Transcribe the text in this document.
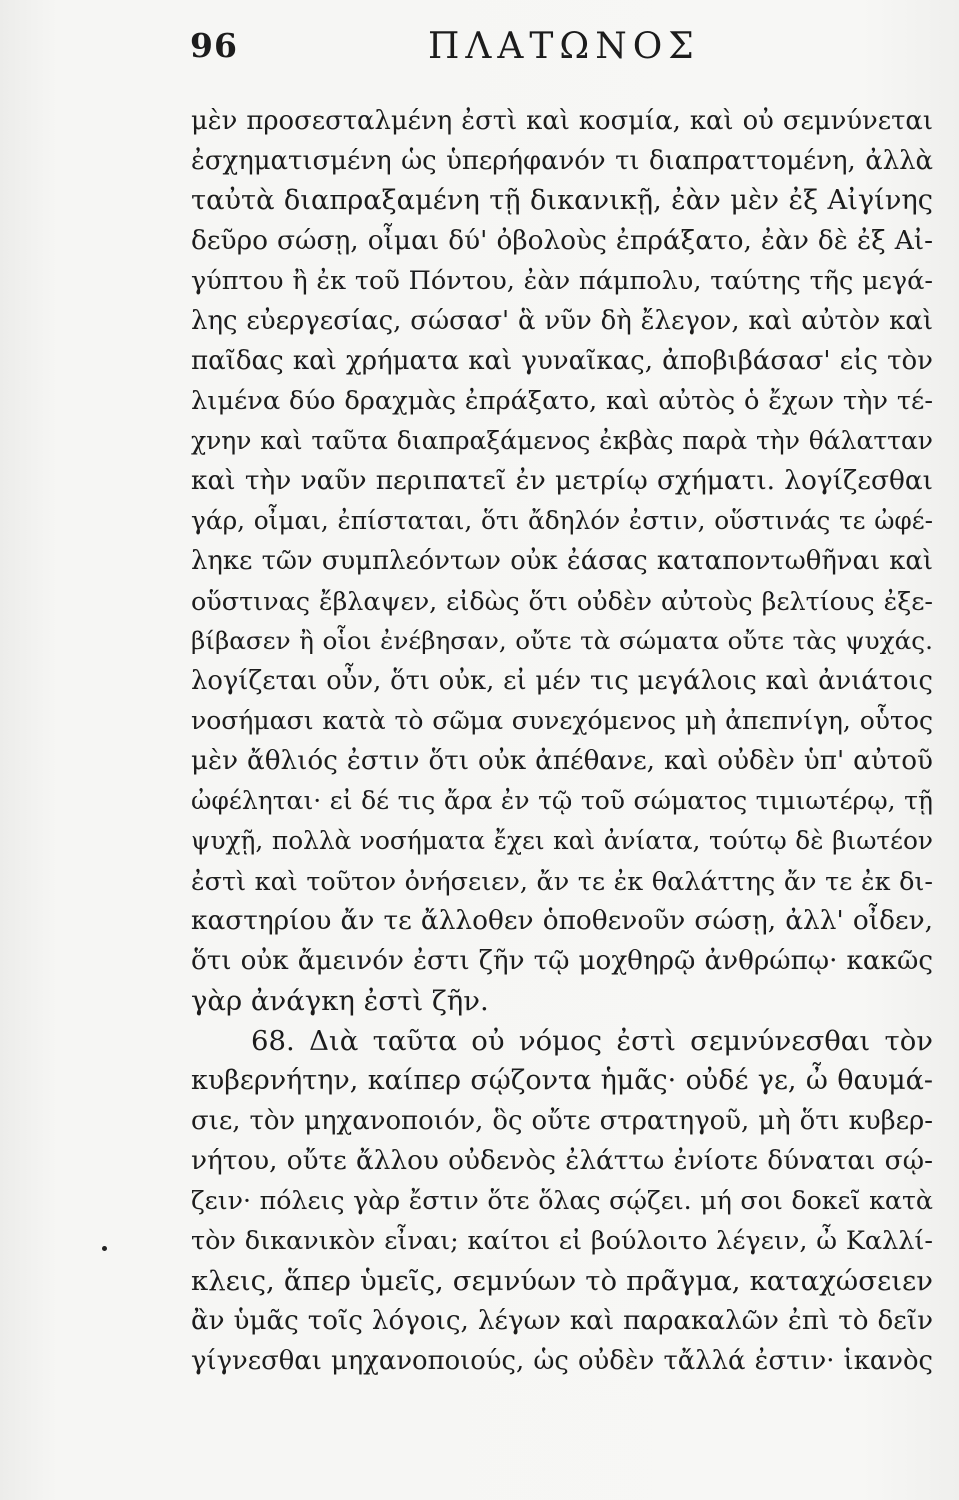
96	ΠΛΑΤΩΝΟΣ
μὲν προσεσταλμένη ἐστὶ καὶ κοσμία, καὶ οὐ σεμνύνεται
ἐσχηματισμένη ὡς ὑπερήφανόν τι διαπραττομένη, ἀλλὰ
ταὐτὰ διαπραξαμένη τῇ δικανικῇ, ἐὰν μὲν ἐξ Αἰγίνης
δεῦρο σώσῃ, οἶμαι δύ' ὀβολοὺς ἐπράξατο, ἐὰν δὲ ἐξ Αἰ-
γύπτου ἢ ἐκ τοῦ Πόντου, ἐὰν πάμπολυ, ταύτης τῆς μεγά-
λης εὐεργεσίας, σώσασ' ἃ νῦν δὴ ἔλεγον, καὶ αὐτὸν καὶ
παῖδας καὶ χρήματα καὶ γυναῖκας, ἀποβιβάσασ' εἰς τὸν
λιμένα δύο δραχμὰς ἐπράξατο, καὶ αὐτὸς ὁ ἔχων τὴν τέ-
χνην καὶ ταῦτα διαπραξάμενος ἐκβὰς παρὰ τὴν θάλατταν
καὶ τὴν ναῦν περιπατεῖ ἐν μετρίῳ σχήματι. λογίζεσθαι
γάρ, οἶμαι, ἐπίσταται, ὅτι ἄδηλόν ἐστιν, οὕστινάς τε ὠφέ-
ληκε τῶν συμπλεόντων οὐκ ἐάσας καταποντωθῆναι καὶ
οὕστινας ἔβλαψεν, εἰδὼς ὅτι οὐδὲν αὐτοὺς βελτίους ἐξε-
βίβασεν ἢ οἷοι ἐνέβησαν, οὔτε τὰ σώματα οὔτε τὰς ψυχάς.
λογίζεται οὖν, ὅτι οὐκ, εἰ μέν τις μεγάλοις καὶ ἀνιάτοις
νοσήμασι κατὰ τὸ σῶμα συνεχόμενος μὴ ἀπεπνίγη, οὗτος
μὲν ἄθλιός ἐστιν ὅτι οὐκ ἀπέθανε, καὶ οὐδὲν ὑπ' αὐτοῦ
ὠφέληται· εἰ δέ τις ἄρα ἐν τῷ τοῦ σώματος τιμιωτέρῳ, τῇ
ψυχῇ, πολλὰ νοσήματα ἔχει καὶ ἀνίατα, τούτῳ δὲ βιωτέον
ἐστὶ καὶ τοῦτον ὀνήσειεν, ἄν τε ἐκ θαλάττης ἄν τε ἐκ δι-
καστηρίου ἄν τε ἄλλοθεν ὁποθενοῦν σώσῃ, ἀλλ' οἶδεν,
ὅτι οὐκ ἄμεινόν ἐστι ζῆν τῷ μοχθηρῷ ἀνθρώπῳ· κακῶς
γὰρ ἀνάγκη ἐστὶ ζῆν.
68. Διὰ ταῦτα οὐ νόμος ἐστὶ σεμνύνεσθαι τὸν
κυβερνήτην, καίπερ σῴζοντα ἡμᾶς· οὐδέ γε, ὦ θαυμά-
σιε, τὸν μηχανοποιόν, ὃς οὔτε στρατηγοῦ, μὴ ὅτι κυβερ-
νήτου, οὔτε ἄλλου οὐδενὸς ἐλάττω ἐνίοτε δύναται σῴ-
ζειν· πόλεις γὰρ ἔστιν ὅτε ὅλας σῴζει. μή σοι δοκεῖ κατὰ
τὸν δικανικὸν εἶναι; καίτοι εἰ βούλοιτο λέγειν, ὦ Καλλί-
κλεις, ἅπερ ὑμεῖς, σεμνύων τὸ πρᾶγμα, καταχώσειεν
ἂν ὑμᾶς τοῖς λόγοις, λέγων καὶ παρακαλῶν ἐπὶ τὸ δεῖν
γίγνεσθαι μηχανοποιούς, ὡς οὐδὲν τἄλλά ἐστιν· ἱκανὸς
